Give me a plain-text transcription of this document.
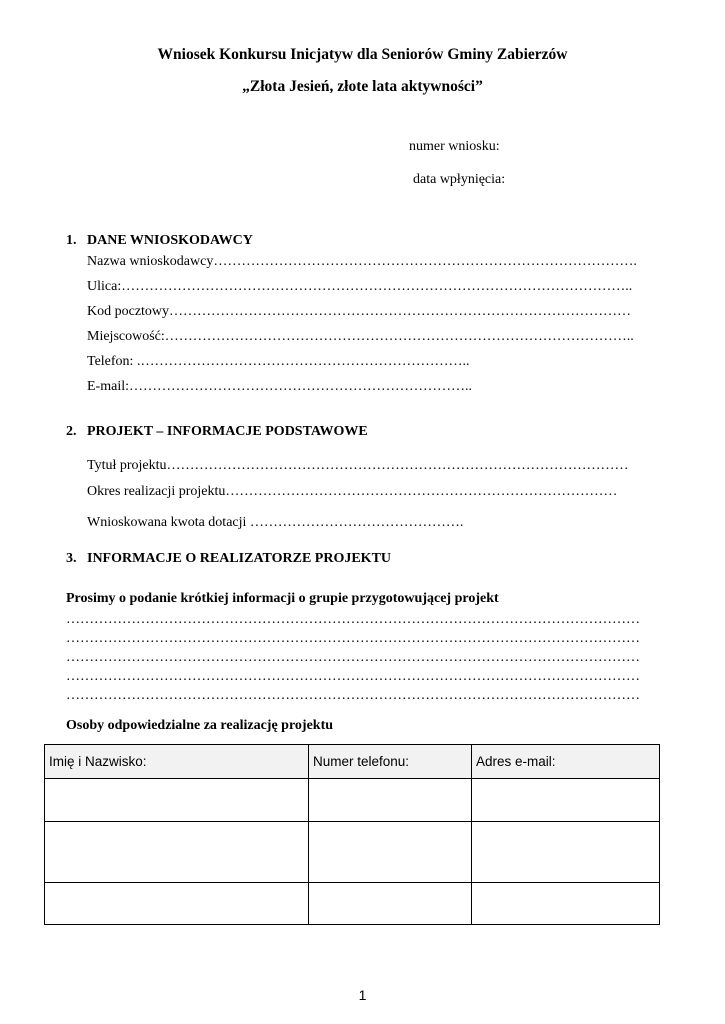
Wniosek Konkursu Inicjatyw dla Seniorów Gminy Zabierzów
„Złota Jesień, złote lata aktywności”
numer wniosku:
data wpłynięcia:
1. DANE WNIOSKODAWCY
Nazwa wnioskodawcy……………………………………………………………………………….
Ulica:………………………………………………………………………………………………..
Kod pocztowy………………………………………………………………………………………
Miejscowość:………………………………………………………………………………………..
Telefon: .……………………………………………………………..
E-mail:………………………………………………………………..
2. PROJEKT – INFORMACJE PODSTAWOWE
Tytuł projektu………………………………………………………………………………………
Okres realizacji projektu…………………………………………………………………………
Wnioskowana kwota dotacji ……………………………………….
3. INFORMACJE O REALIZATORZE PROJEKTU
Prosimy o podanie krótkiej informacji o grupie przygotowującej projekt
……………………………………………………………………………………………………………
……………………………………………………………………………………………………………
……………………………………………………………………………………………………………
……………………………………………………………………………………………………………
……………………………………………………………………………………………………………
Osoby odpowiedzialne za realizację projektu
Imię i Nazwisko:	Numer telefonu:	Adres e-mail:

1
